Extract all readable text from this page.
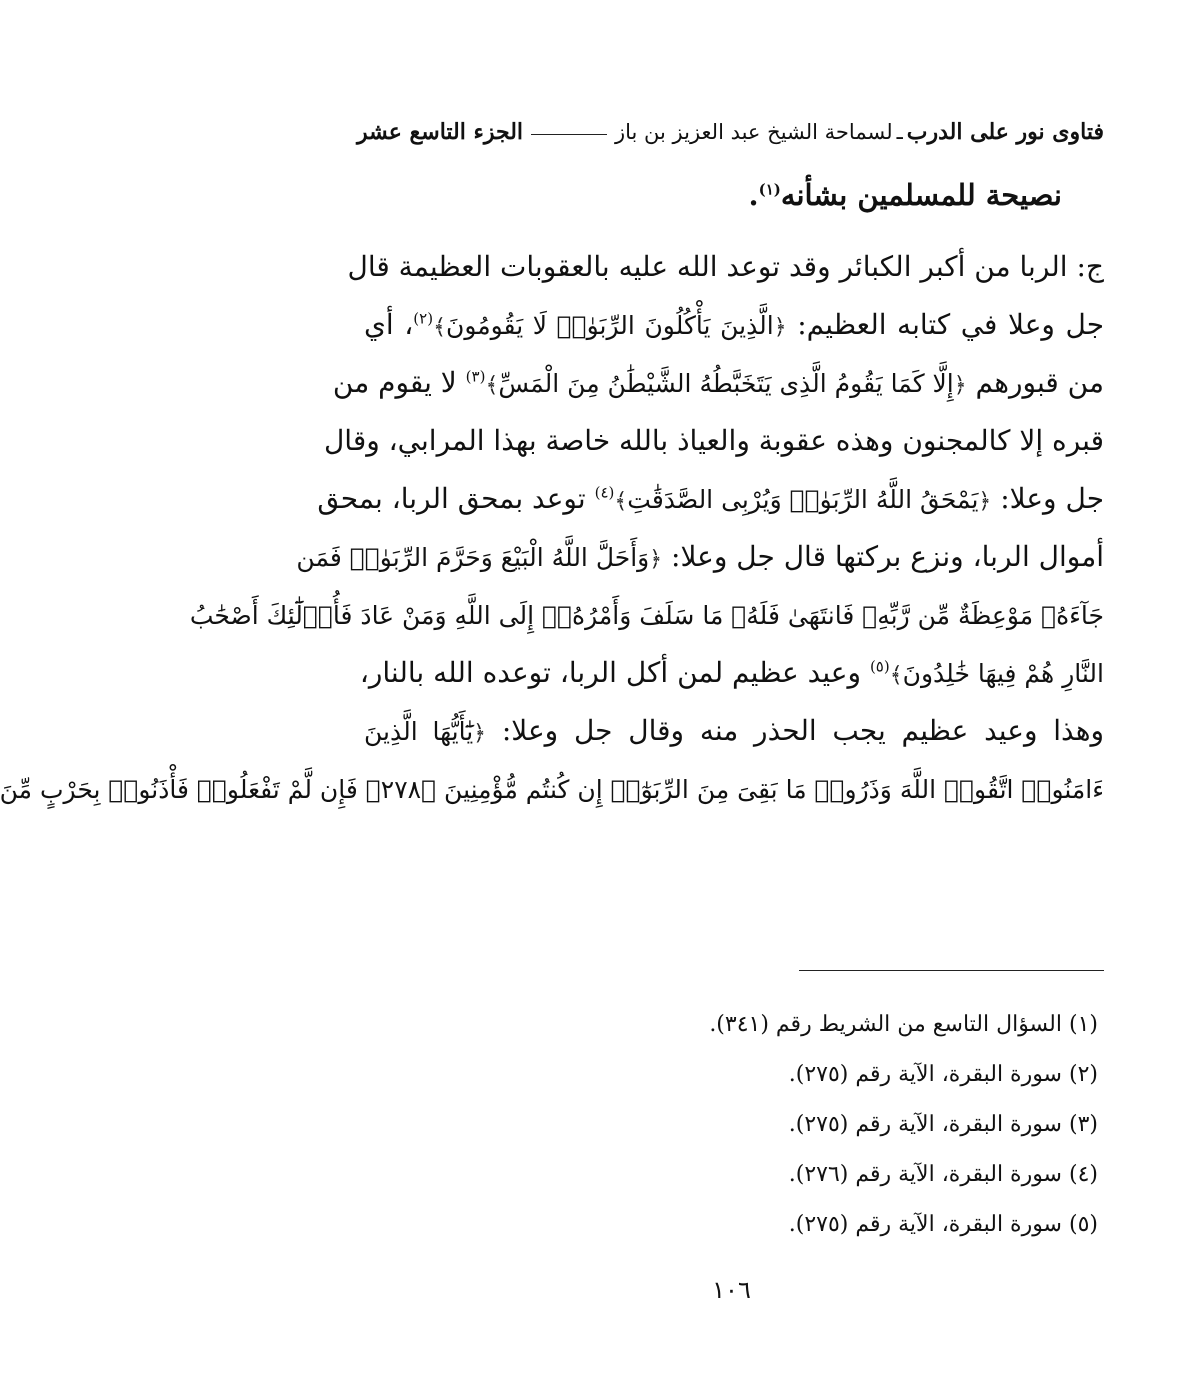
فتاوى نور على الدرب
ـ
لسماحة الشيخ عبد العزيز بن باز
الجزء التاسع عشر
نصيحة للمسلمين بشأنه$^{(١)}$.
ج: الربا من أكبر الكبائر وقد توعد الله عليه بالعقوبات العظيمة قال
جل وعلا في كتابه العظيم: ﴿الَّذِينَ يَأْكُلُونَ الرِّبَوٰا۟ لَا يَقُومُونَ﴾$^{(٢)}$، أي
من قبورهم ﴿إِلَّا كَمَا يَقُومُ الَّذِى يَتَخَبَّطُهُ الشَّيْطَٰنُ مِنَ الْمَسِّ﴾$^{(٣)}$ لا يقوم من
قبره إلا كالمجنون وهذه عقوبة والعياذ بالله خاصة بهذا المرابي، وقال
جل وعلا: ﴿يَمْحَقُ اللَّهُ الرِّبَوٰا۟ وَيُرْبِى الصَّدَقَٰتِ﴾$^{(٤)}$ توعد بمحق الربا، بمحق
أموال الربا، ونزع بركتها قال جل وعلا: ﴿وَأَحَلَّ اللَّهُ الْبَيْعَ وَحَرَّمَ الرِّبَوٰا۟ فَمَن
جَآءَهُۥ مَوْعِظَةٌ مِّن رَّبِّهِۦ فَانتَهَىٰ فَلَهُۥ مَا سَلَفَ وَأَمْرُهُۥٓ إِلَى اللَّهِ وَمَنْ عَادَ فَأُو۟لَٰٓئِكَ أَصْحَٰبُ
النَّارِ هُمْ فِيهَا خَٰلِدُونَ﴾$^{(٥)}$ وعيد عظيم لمن أكل الربا، توعده الله بالنار،
وهذا وعيد عظيم يجب الحذر منه وقال جل وعلا: ﴿يَٰٓأَيُّهَا الَّذِينَ
ءَامَنُوا۟ اتَّقُوا۟ اللَّهَ وَذَرُوا۟ مَا بَقِىَ مِنَ الرِّبَوٰٓا۟ إِن كُنتُم مُّؤْمِنِينَ ﴿٢٧٨﴾ فَإِن لَّمْ تَفْعَلُوا۟ فَأْذَنُوا۟ بِحَرْبٍ مِّنَ
(١) السؤال التاسع من الشريط رقم (٣٤١).
(٢) سورة البقرة، الآية رقم (٢٧٥).
(٣) سورة البقرة، الآية رقم (٢٧٥).
(٤) سورة البقرة، الآية رقم (٢٧٦).
(٥) سورة البقرة، الآية رقم (٢٧٥).
١٠٦
